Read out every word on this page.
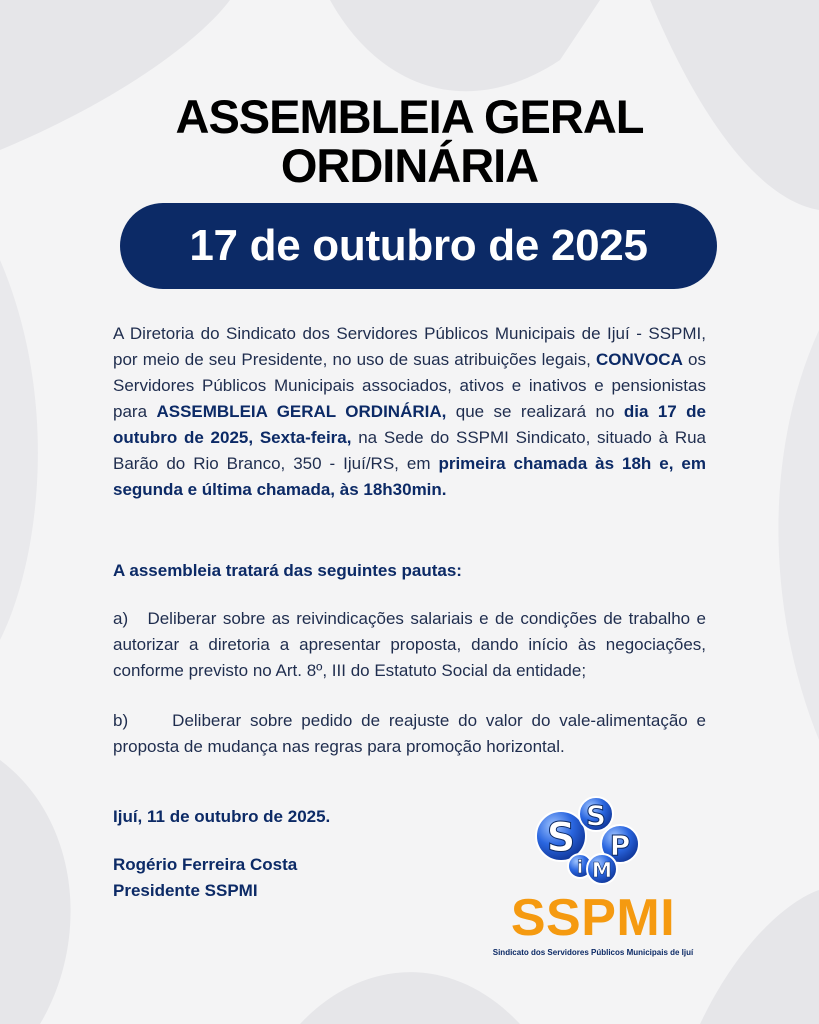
ASSEMBLEIA GERAL
ORDINÁRIA
17 de outubro de 2025
A Diretoria do Sindicato dos Servidores Públicos Municipais de Ijuí - SSPMI, por meio de seu Presidente, no uso de suas atribuições legais, CONVOCA os Servidores Públicos Municipais associados, ativos e inativos e pensionistas para ASSEMBLEIA GERAL ORDINÁRIA, que se realizará no dia 17 de outubro de 2025, Sexta-feira, na Sede do SSPMI Sindicato, situado à Rua Barão do Rio Branco, 350 - Ijuí/RS, em primeira chamada às 18h e, em segunda e última chamada, às 18h30min.
A assembleia tratará das seguintes pautas:
a) Deliberar sobre as reivindicações salariais e de condições de trabalho e autorizar a diretoria a apresentar proposta, dando início às negociações, conforme previsto no Art. 8º, III do Estatuto Social da entidade;
b)	Deliberar sobre pedido de reajuste do valor do vale-alimentação e proposta de mudança nas regras para promoção horizontal.
Ijuí, 11 de outubro de 2025.
Rogério Ferreira Costa
Presidente SSPMI
S S
P
i M
SSPMI
Sindicato dos Servidores Públicos Municipais de Ijuí
